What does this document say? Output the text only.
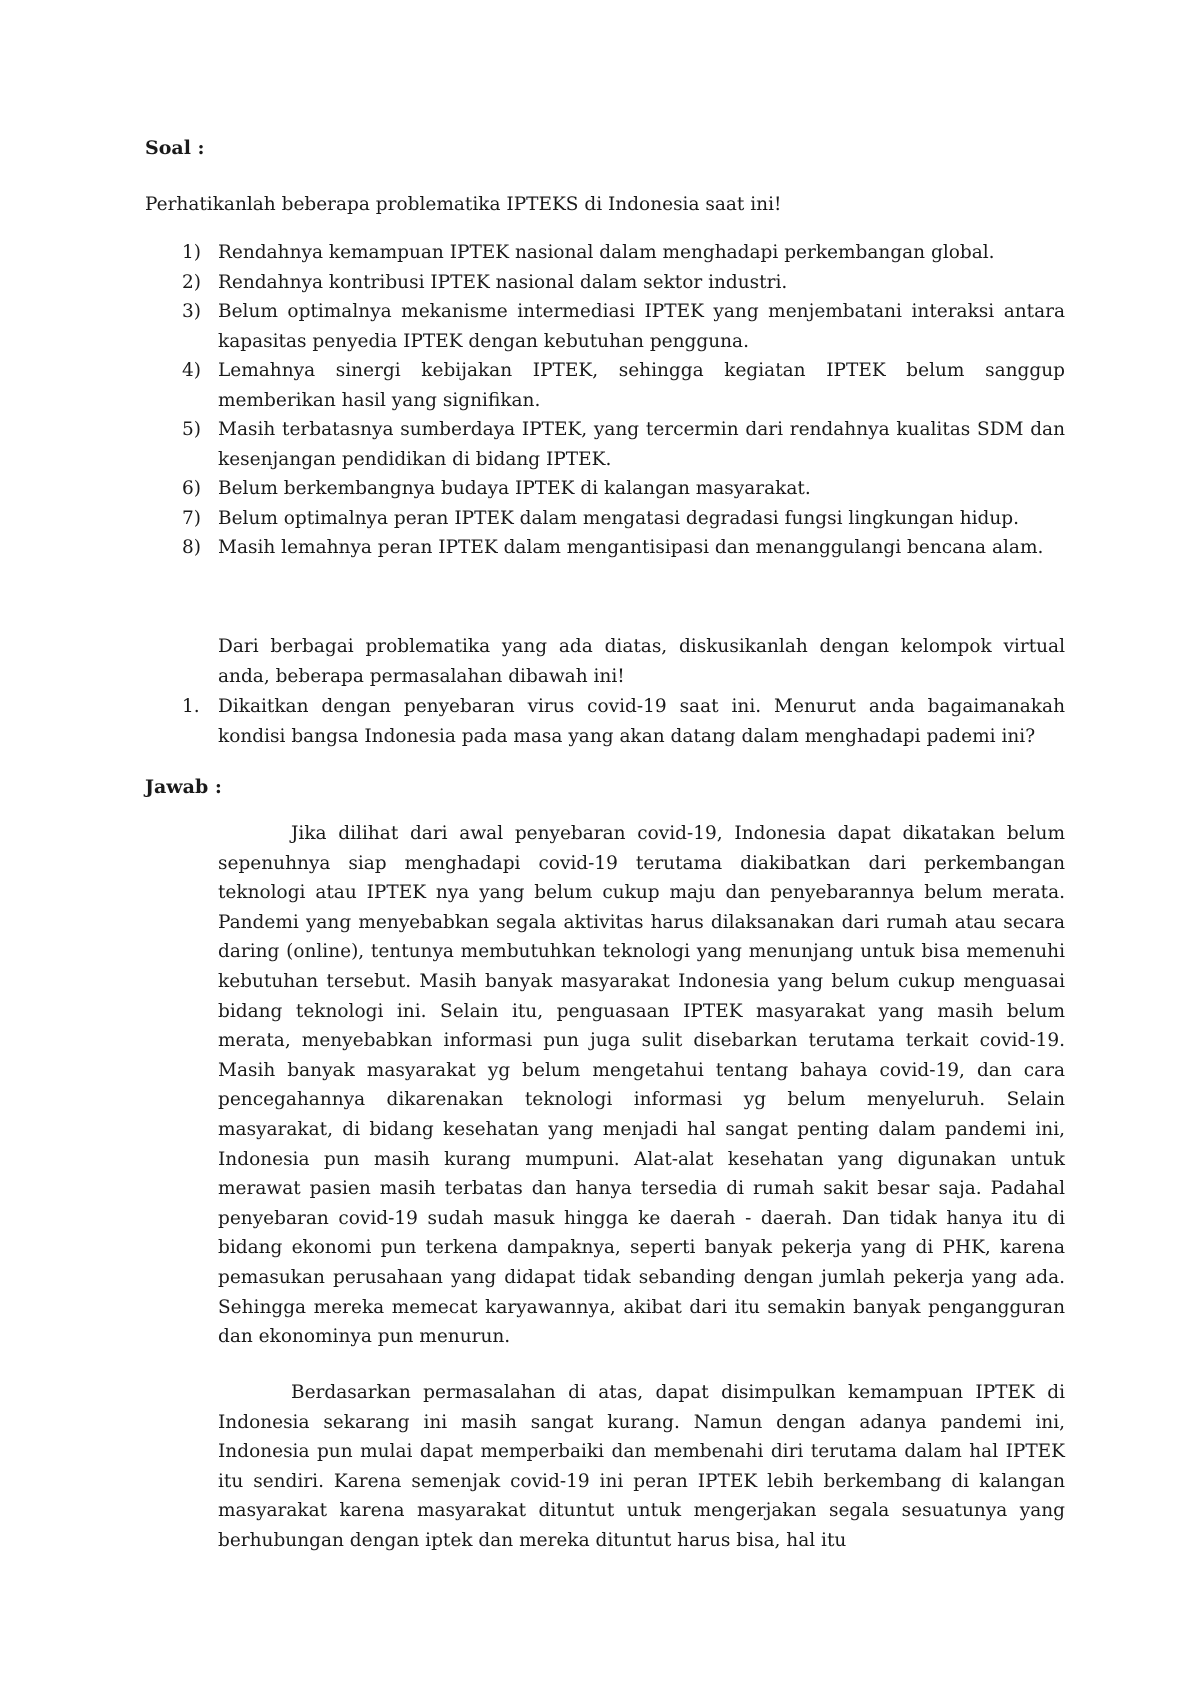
Soal :

Perhatikanlah beberapa problematika IPTEKS di Indonesia saat ini!

1) Rendahnya kemampuan IPTEK nasional dalam menghadapi perkembangan global.
2) Rendahnya kontribusi IPTEK nasional dalam sektor industri.
3) Belum optimalnya mekanisme intermediasi IPTEK yang menjembatani interaksi antara kapasitas penyedia IPTEK dengan kebutuhan pengguna.
4) Lemahnya sinergi kebijakan IPTEK, sehingga kegiatan IPTEK belum sanggup memberikan hasil yang signifikan.
5) Masih terbatasnya sumberdaya IPTEK, yang tercermin dari rendahnya kualitas SDM dan kesenjangan pendidikan di bidang IPTEK.
6) Belum berkembangnya budaya IPTEK di kalangan masyarakat.
7) Belum optimalnya peran IPTEK dalam mengatasi degradasi fungsi lingkungan hidup.
8) Masih lemahnya peran IPTEK dalam mengantisipasi dan menanggulangi bencana alam.

Dari berbagai problematika yang ada diatas, diskusikanlah dengan kelompok virtual anda, beberapa permasalahan dibawah ini!

1. Dikaitkan dengan penyebaran virus covid-19 saat ini. Menurut anda bagaimanakah kondisi bangsa Indonesia pada masa yang akan datang dalam menghadapi pademi ini?
Jawab :

Jika dilihat dari awal penyebaran covid-19, Indonesia dapat dikatakan belum sepenuhnya siap menghadapi covid-19 terutama diakibatkan dari perkembangan teknologi atau IPTEK nya yang belum cukup maju dan penyebarannya belum merata. Pandemi yang menyebabkan segala aktivitas harus dilaksanakan dari rumah atau secara daring (online), tentunya membutuhkan teknologi yang menunjang untuk bisa memenuhi kebutuhan tersebut. Masih banyak masyarakat Indonesia yang belum cukup menguasai bidang teknologi ini. Selain itu, penguasaan IPTEK masyarakat yang masih belum merata, menyebabkan informasi pun juga sulit disebarkan terutama terkait covid-19. Masih banyak masyarakat yg belum mengetahui tentang bahaya covid-19, dan cara pencegahannya dikarenakan teknologi informasi yg belum menyeluruh. Selain masyarakat, di bidang kesehatan yang menjadi hal sangat penting dalam pandemi ini, Indonesia pun masih kurang mumpuni. Alat-alat kesehatan yang digunakan untuk merawat pasien masih terbatas dan hanya tersedia di rumah sakit besar saja. Padahal penyebaran covid-19 sudah masuk hingga ke daerah - daerah. Dan tidak hanya itu di bidang ekonomi pun terkena dampaknya, seperti banyak pekerja yang di PHK, karena pemasukan perusahaan yang didapat tidak sebanding dengan jumlah pekerja yang ada. Sehingga mereka memecat karyawannya, akibat dari itu semakin banyak pengangguran dan ekonominya pun menurun.

Berdasarkan permasalahan di atas, dapat disimpulkan kemampuan IPTEK di Indonesia sekarang ini masih sangat kurang. Namun dengan adanya pandemi ini, Indonesia pun mulai dapat memperbaiki dan membenahi diri terutama dalam hal IPTEK itu sendiri. Karena semenjak covid-19 ini peran IPTEK lebih berkembang di kalangan masyarakat karena masyarakat dituntut untuk mengerjakan segala sesuatunya yang berhubungan dengan iptek dan mereka dituntut harus bisa, hal itu
